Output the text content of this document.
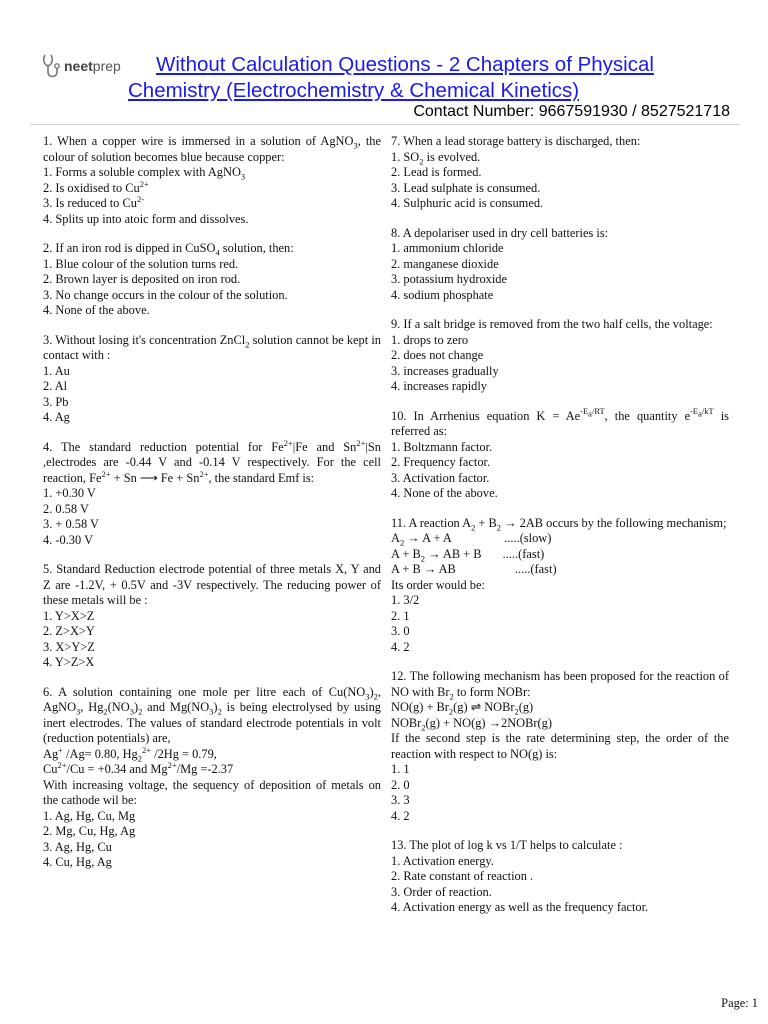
neetprep	Without Calculation Questions - 2 Chapters of Physical Chemistry (Electrochemistry & Chemical Kinetics)
Contact Number: 9667591930 / 8527521718
1. When a copper wire is immersed in a solution of AgNO$_3$, the colour of solution becomes blue because copper:
1. Forms a soluble complex with AgNO$_3$
2. Is oxidised to $Cu^{2+}$
3. Is reduced to $Cu^{2-}$
4. Splits up into atoic form and dissolves.
2. If an iron rod is dipped in CuSO$_4$ solution, then:
1. Blue colour of the solution turns red.
2. Brown layer is deposited on iron rod.
3. No change occurs in the colour of the solution.
4. None of the above.
3. Without losing it's concentration ZnCl$_2$ solution cannot be kept in contact with :
1. Au
2. Al
3. Pb
4. Ag
4. The standard reduction potential for $Fe^{2+}|Fe$ and $Sn^{2+}|Sn$ ,electrodes are -0.44 V and -0.14 V respectively. For the cell reaction, $Fe^{2+} + Sn$ ⟶ $Fe + Sn^{2+}$, the standard Emf is:
1. +0.30 V
2. 0.58 V
3. + 0.58 V
4. -0.30 V
5. Standard Reduction electrode potential of three metals X, Y and Z are -1.2V, + 0.5V and -3V respectively. The reducing power of these metals will be :
1. Y>X>Z
2. Z>X>Y
3. X>Y>Z
4. Y>Z>X
6. A solution containing one mole per litre each of $Cu(NO_3)_2$, AgNO$_3$, $Hg_2(NO_3)_2$ and $Mg(NO_3)_2$ is being electrolysed by using inert electrodes. The values of standard electrode potentials in volt (reduction potentials) are,
Ag+ /Ag= 0.80, $Hg_2^{2+}$ /2Hg = 0.79,
$Cu^{2+}/Cu = +0.34$ and $Mg^{2+}/Mg =-2.37$
With increasing voltage, the sequency of deposition of metals on the cathode wil be:
1. Ag, Hg, Cu, Mg
2. Mg, Cu, Hg, Ag
3. Ag, Hg, Cu
4. Cu, Hg, Ag
7. When a lead storage battery is discharged, then:
1. $SO_2$ is evolved.
2. Lead is formed.
3. Lead sulphate is consumed.
4. Sulphuric acid is consumed.
8. A depolariser used in dry cell batteries is:
1. ammonium chloride
2. manganese dioxide
3. potassium hydroxide
4. sodium phosphate
9. If a salt bridge is removed from the two half cells, the voltage:
1. drops to zero
2. does not change
3. increases gradually
4. increases rapidly
10. In Arrhenius equation $K = Ae^{-E_a/RT}$, the quantity $e^{-E_a/kT}$ is referred as:
1. Boltzmann factor.
2. Frequency factor.
3. Activation factor.
4. None of the above.
11. A reaction $A_2 + B_2 \to 2AB$ occurs by the following mechanism;
$A_2 \to A + A$	.....(slow)
$A + B_2$ → AB + B .....(fast)
A + B → AB	.....(fast)
Its order would be:
1. 3/2
2. 1
3. 0
4. 2
12. The following mechanism has been proposed for the reaction of NO with $Br_2$ to form NOBr:
$NO(g) + Br_2(g)$ ⇌ NOBr$_2$(g)
NOBr$_2$(g) + NO(g) →2NOBr(g)
If the second step is the rate determining step, the order of the reaction with respect to NO(g) is:
1. 1
2. 0
3. 3
4. 2
13. The plot of log k vs 1/T helps to calculate :
1. Activation energy.
2. Rate constant of reaction .
3. Order of reaction.
4. Activation energy as well as the frequency factor.
Page: 1
